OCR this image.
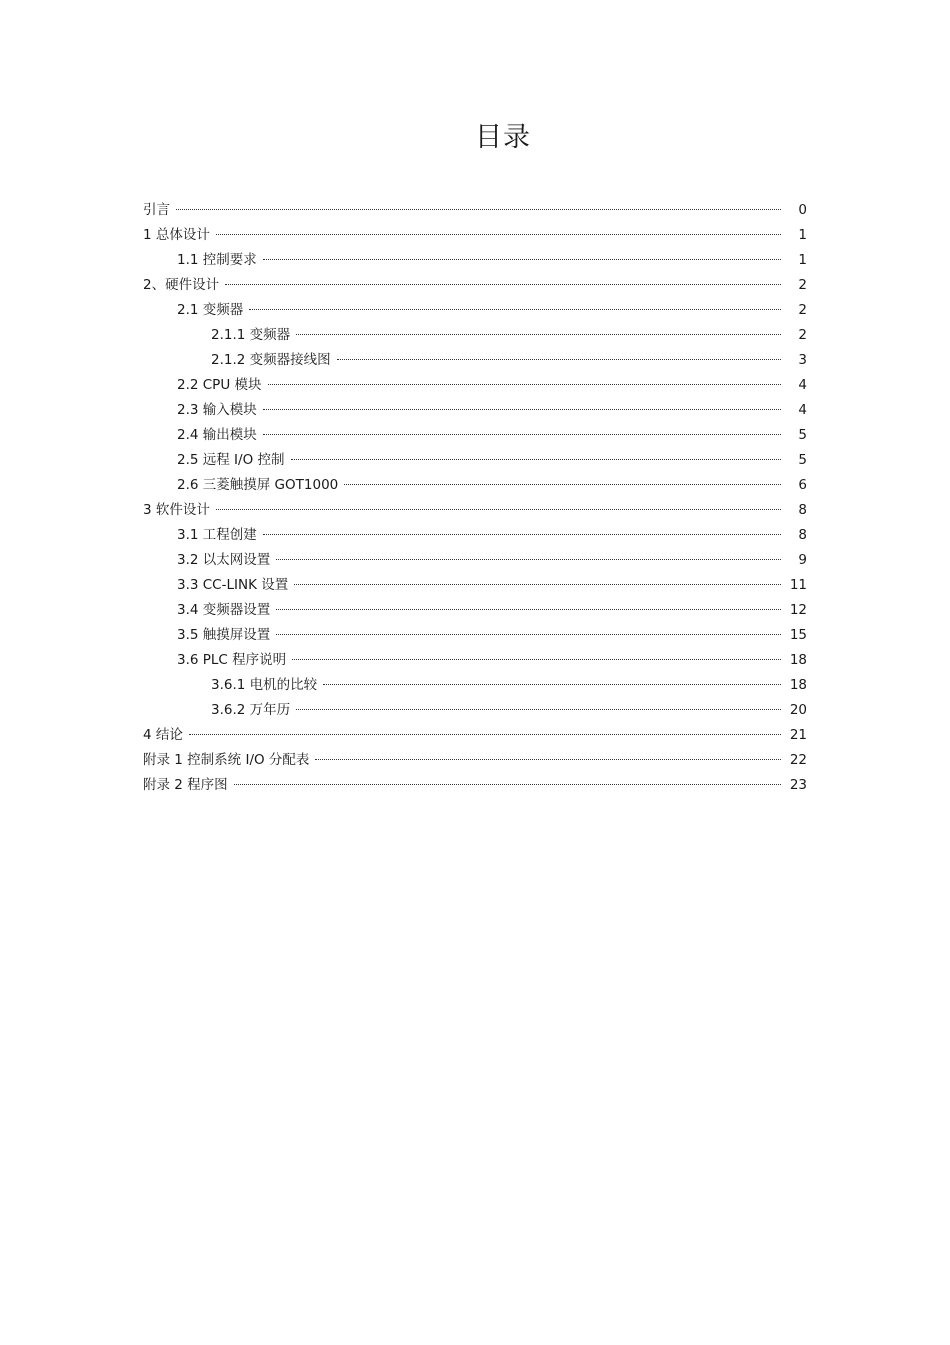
目录
引言	0
1 总体设计	1
1.1 控制要求	1
2、硬件设计	2
2.1 变频器	2
2.1.1 变频器	2
2.1.2 变频器接线图	3
2.2 CPU 模块	4
2.3 输入模块	4
2.4 输出模块	5
2.5 远程 I/O 控制	5
2.6 三菱触摸屏 GOT1000	6
3 软件设计	8
3.1 工程创建	8
3.2 以太网设置	9
3.3 CC-LINK 设置	11
3.4 变频器设置	12
3.5 触摸屏设置	15
3.6 PLC 程序说明	18
3.6.1 电机的比较	18
3.6.2 万年历	20
4 结论	21
附录 1 控制系统 I/O 分配表	22
附录 2 程序图	23
